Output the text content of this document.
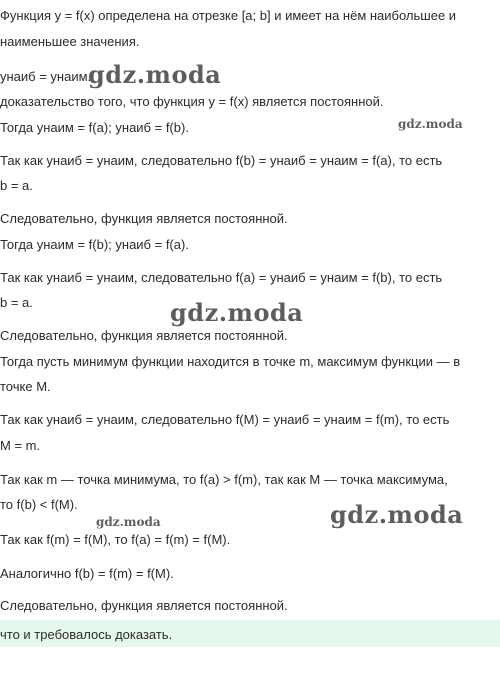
Функция y = f(x) определена на отрезке [a; b] и имеет на нём наибольшее и
наименьшее значения.
yнаиб = yнаим.
доказательство того, что функция y = f(x) является постоянной.
Тогда yнаим = f(a); yнаиб = f(b).
Так как yнаиб = yнаим, следовательно f(b) = yнаиб = yнаим = f(a), то есть
b = a.
Следовательно, функция является постоянной.
Тогда yнаим = f(b); yнаиб = f(a).
Так как yнаиб = yнаим, следовательно f(a) = yнаиб = yнаим = f(b), то есть
b = a.
Следовательно, функция является постоянной.
Тогда пусть минимум функции находится в точке m, максимум функции — в
точке M.
Так как yнаиб = yнаим, следовательно f(M) = yнаиб = yнаим = f(m), то есть
M = m.
Так как m — точка минимума, то f(a) > f(m), так как M — точка максимума,
то f(b) < f(M).
Так как f(m) = f(M), то f(a) = f(m) = f(M).
Аналогично f(b) = f(m) = f(M).
Следовательно, функция является постоянной.
что и требовалось доказать.
gdz.moda
gdz.moda
gdz.moda
gdz.moda
gdz.moda
